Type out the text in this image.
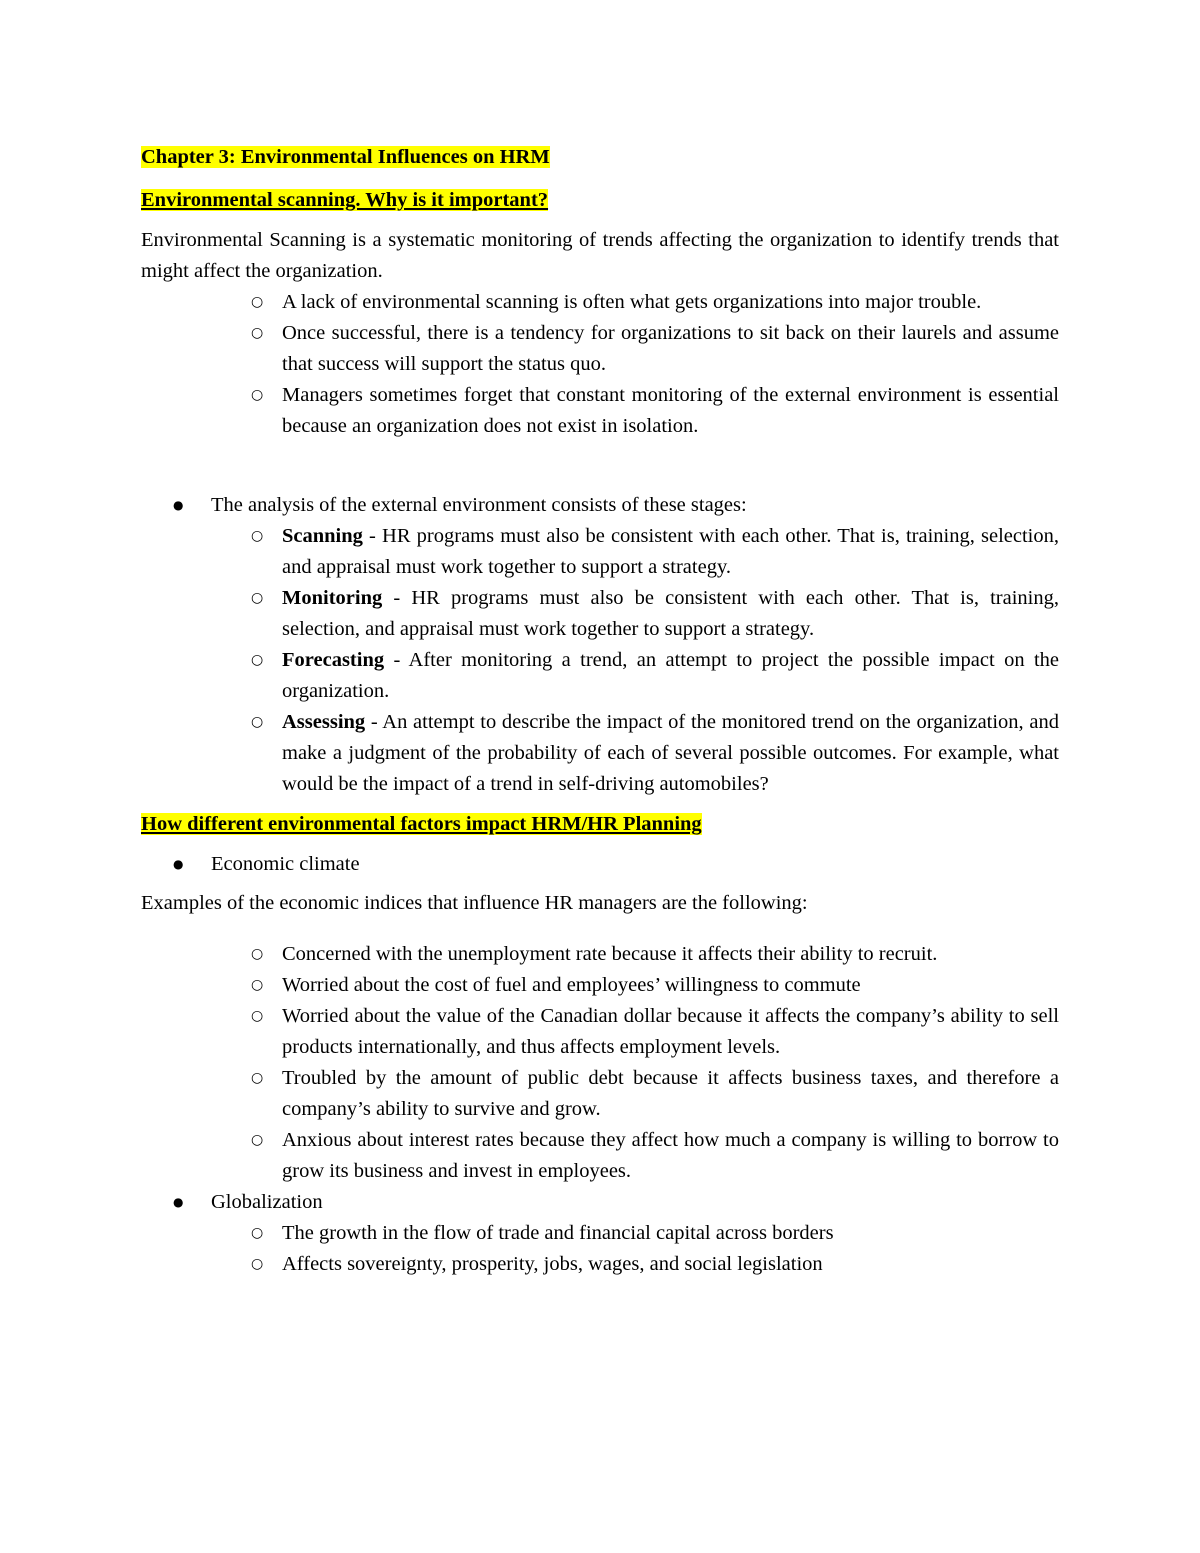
Chapter 3: Environmental Influences on HRM
Environmental scanning. Why is it important?

Environmental Scanning is a systematic monitoring of trends affecting the organization to identify trends that might affect the organization.

○ A lack of environmental scanning is often what gets organizations into major trouble.
○ Once successful, there is a tendency for organizations to sit back on their laurels and assume that success will support the status quo.
○ Managers sometimes forget that constant monitoring of the external environment is essential because an organization does not exist in isolation.
● The analysis of the external environment consists of these stages:
○ Scanning - HR programs must also be consistent with each other. That is, training, selection, and appraisal must work together to support a strategy.
○ Monitoring - HR programs must also be consistent with each other. That is, training, selection, and appraisal must work together to support a strategy.
○ Forecasting - After monitoring a trend, an attempt to project the possible impact on the organization.
○ Assessing - An attempt to describe the impact of the monitored trend on the organization, and make a judgment of the probability of each of several possible outcomes. For example, what would be the impact of a trend in self-driving automobiles?
How different environmental factors impact HRM/HR Planning
● Economic climate

Examples of the economic indices that influence HR managers are the following:

○ Concerned with the unemployment rate because it affects their ability to recruit.
○ Worried about the cost of fuel and employees’ willingness to commute
○ Worried about the value of the Canadian dollar because it affects the company’s ability to sell products internationally, and thus affects employment levels.
○ Troubled by the amount of public debt because it affects business taxes, and therefore a company’s ability to survive and grow.
○ Anxious about interest rates because they affect how much a company is willing to borrow to grow its business and invest in employees.
● Globalization
○ The growth in the flow of trade and financial capital across borders
○ Affects sovereignty, prosperity, jobs, wages, and social legislation
